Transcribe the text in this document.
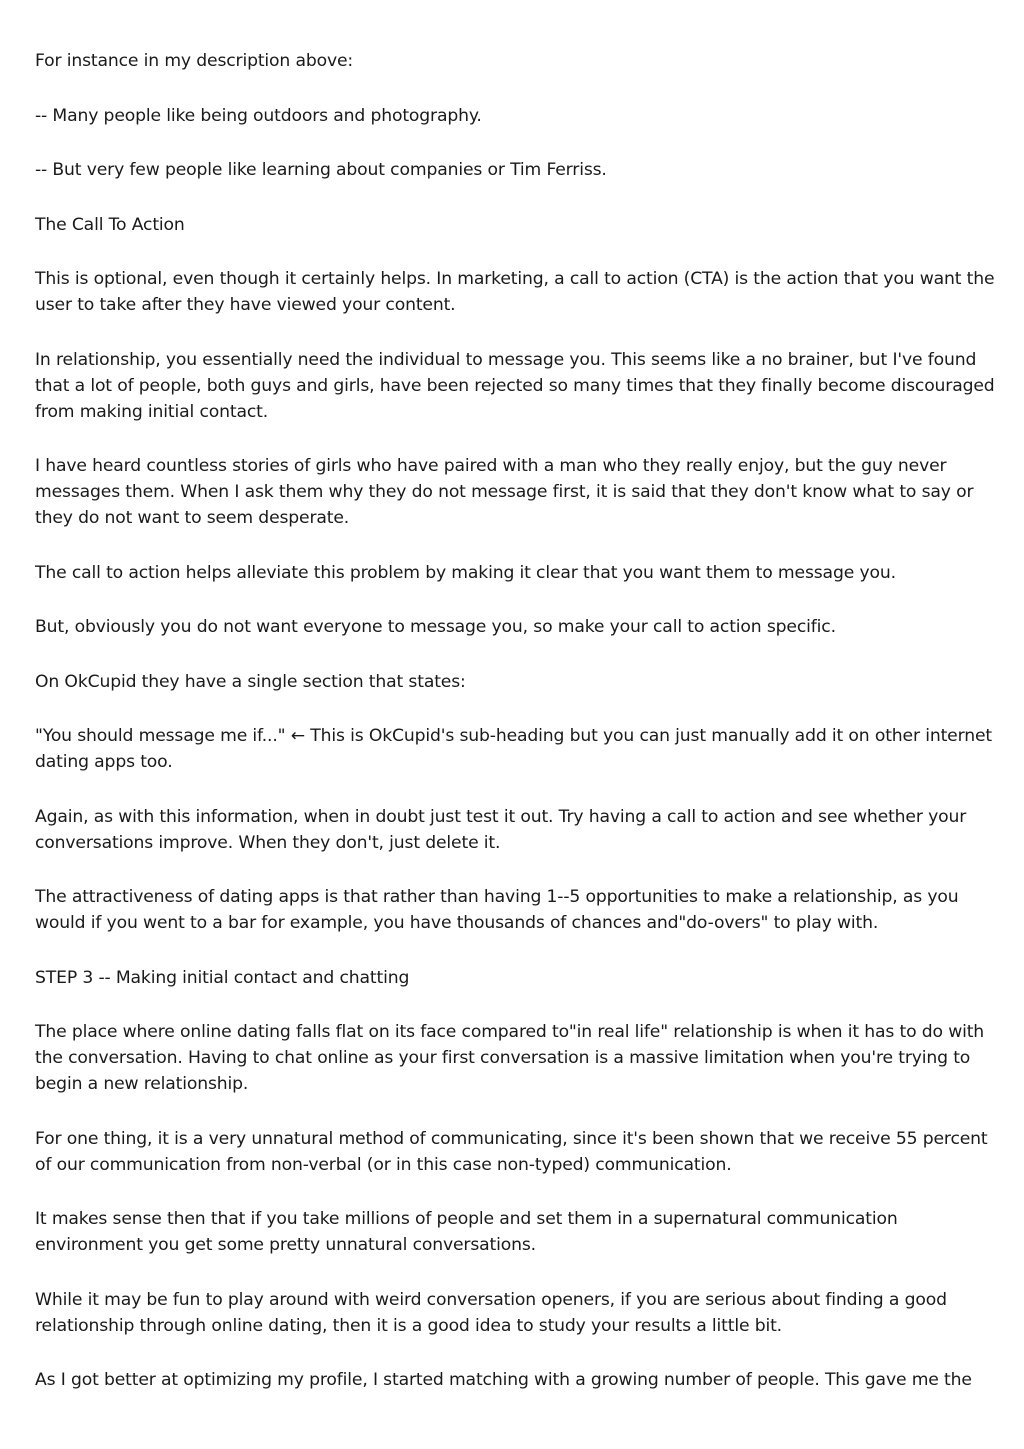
For instance in my description above:

-- Many people like being outdoors and photography.

-- But very few people like learning about companies or Tim Ferriss.

The Call To Action

This is optional, even though it certainly helps. In marketing, a call to action (CTA) is the action that you want the user to take after they have viewed your content.

In relationship, you essentially need the individual to message you. This seems like a no brainer, but I've found that a lot of people, both guys and girls, have been rejected so many times that they finally become discouraged from making initial contact.

I have heard countless stories of girls who have paired with a man who they really enjoy, but the guy never messages them. When I ask them why they do not message first, it is said that they don't know what to say or they do not want to seem desperate.

The call to action helps alleviate this problem by making it clear that you want them to message you.

But, obviously you do not want everyone to message you, so make your call to action specific.

On OkCupid they have a single section that states:

"You should message me if..." ← This is OkCupid's sub-heading but you can just manually add it on other internet dating apps too.

Again, as with this information, when in doubt just test it out. Try having a call to action and see whether your conversations improve. When they don't, just delete it.

The attractiveness of dating apps is that rather than having 1--5 opportunities to make a relationship, as you would if you went to a bar for example, you have thousands of chances and"do-overs" to play with.

STEP 3 -- Making initial contact and chatting

The place where online dating falls flat on its face compared to"in real life" relationship is when it has to do with the conversation. Having to chat online as your first conversation is a massive limitation when you're trying to begin a new relationship.

For one thing, it is a very unnatural method of communicating, since it's been shown that we receive 55 percent of our communication from non-verbal (or in this case non-typed) communication.

It makes sense then that if you take millions of people and set them in a supernatural communication environment you get some pretty unnatural conversations.

While it may be fun to play around with weird conversation openers, if you are serious about finding a good relationship through online dating, then it is a good idea to study your results a little bit.

As I got better at optimizing my profile, I started matching with a growing number of people. This gave me the
